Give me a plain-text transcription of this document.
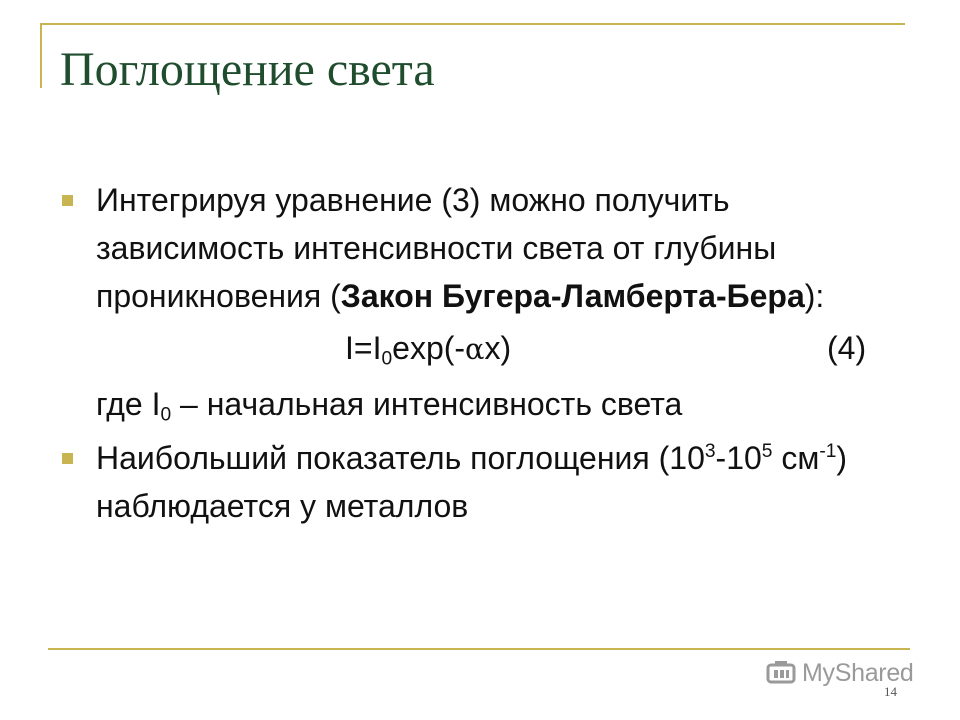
Поглощение света

Интегрируя уравнение (3) можно получить зависимость интенсивности света от глубины проникновения (Закон Бугера-Ламберта-Бера):

$I=I_0\exp(-\alpha x)$	(4)

где $I_0$ – начальная интенсивность света

Наибольший показатель поглощения ($10^3-10^5$ $см^{-1}$) наблюдается у металлов

MyShared
14
